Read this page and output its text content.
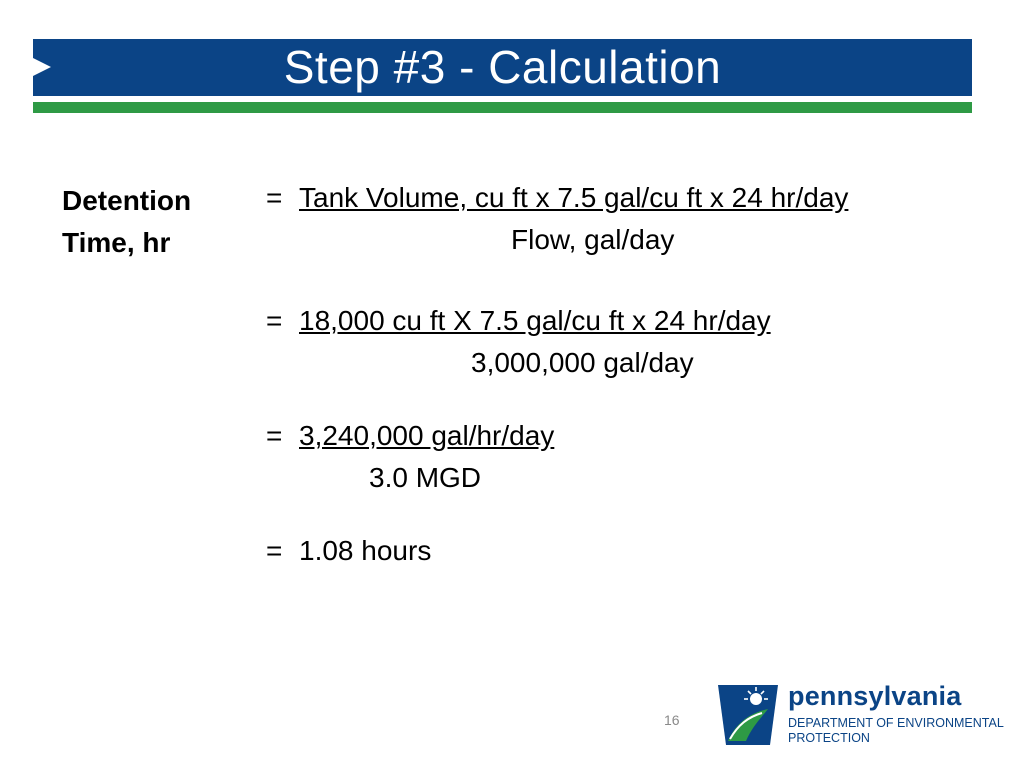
Step #3 - Calculation
Detention
Time, hr
= Tank Volume, cu ft x 7.5 gal/cu ft x 24 hr/day
Flow, gal/day
= 18,000 cu ft X 7.5 gal/cu ft x 24 hr/day
3,000,000 gal/day
= 3,240,000 gal/hr/day
3.0 MGD
= 1.08 hours
16
pennsylvania
DEPARTMENT OF ENVIRONMENTAL
PROTECTION
